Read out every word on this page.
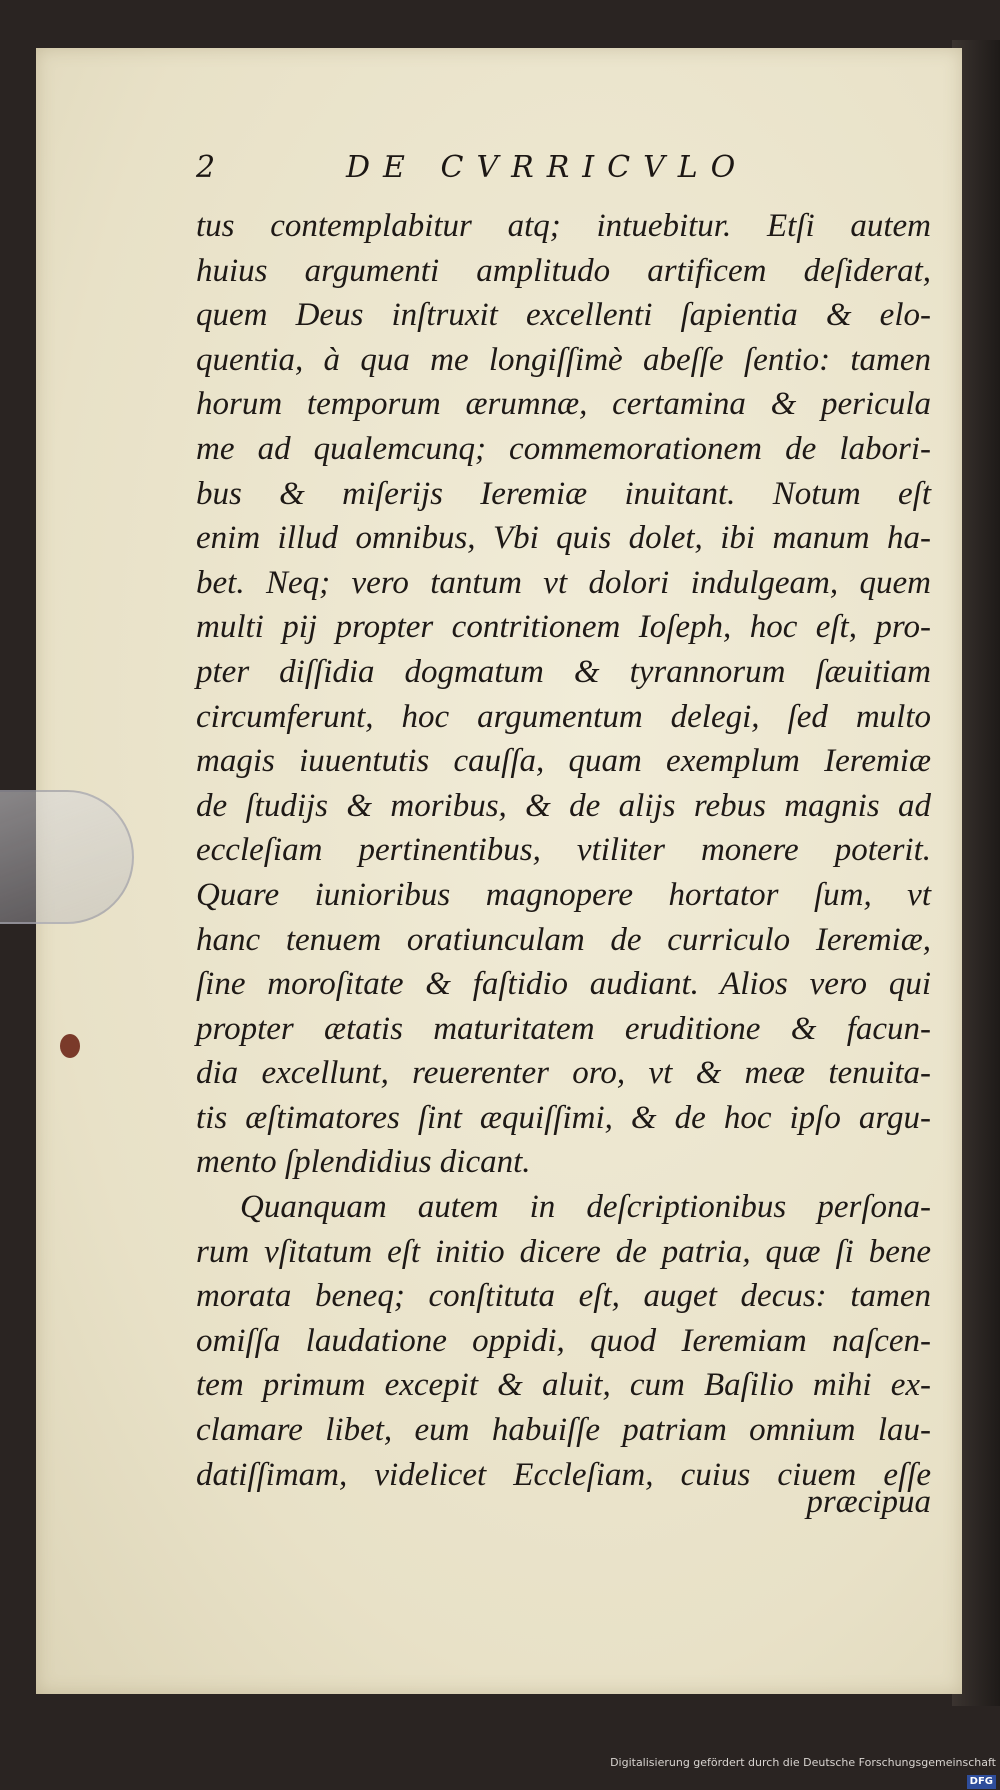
2	DE CVRRICVLO
tus contemplabitur atq; intuebitur. Etſi autem
huius argumenti amplitudo artificem deſiderat,
quem Deus inſtruxit excellenti ſapientia & elo-
quentia, à qua me longiſſimè abeſſe ſentio: tamen
horum temporum ærumnæ, certamina & pericula
me ad qualemcunq; commemorationem de labori-
bus & miſerijs Ieremiæ inuitant. Notum eſt
enim illud omnibus, Vbi quis dolet, ibi manum ha-
bet. Neq; vero tantum vt dolori indulgeam, quem
multi pij propter contritionem Ioſeph, hoc eſt, pro-
pter diſſidia dogmatum & tyrannorum ſæuitiam
circumferunt, hoc argumentum delegi, ſed multo
magis iuuentutis cauſſa, quam exemplum Ieremiæ
de ſtudijs & moribus, & de alijs rebus magnis ad
eccleſiam pertinentibus, vtiliter monere poterit.
Quare iunioribus magnopere hortator ſum, vt
hanc tenuem oratiunculam de curriculo Ieremiæ,
ſine moroſitate & faſtidio audiant. Alios vero qui
propter ætatis maturitatem eruditione & facun-
dia excellunt, reuerenter oro, vt & meæ tenuita-
tis æſtimatores ſint æquiſſimi, & de hoc ipſo argu-
mento ſplendidius dicant.
Quanquam autem in deſcriptionibus perſona-
rum vſitatum eſt initio dicere de patria, quæ ſi bene
morata beneq; conſtituta eſt, auget decus: tamen
omiſſa laudatione oppidi, quod Ieremiam naſcen-
tem primum excepit & aluit, cum Baſilio mihi ex-
clamare libet, eum habuiſſe patriam omnium lau-
datiſſimam, videlicet Eccleſiam, cuius ciuem eſſe
præcipua
Digitalisierung gefördert durch die Deutsche ForschungsgemeinschaftDFG
